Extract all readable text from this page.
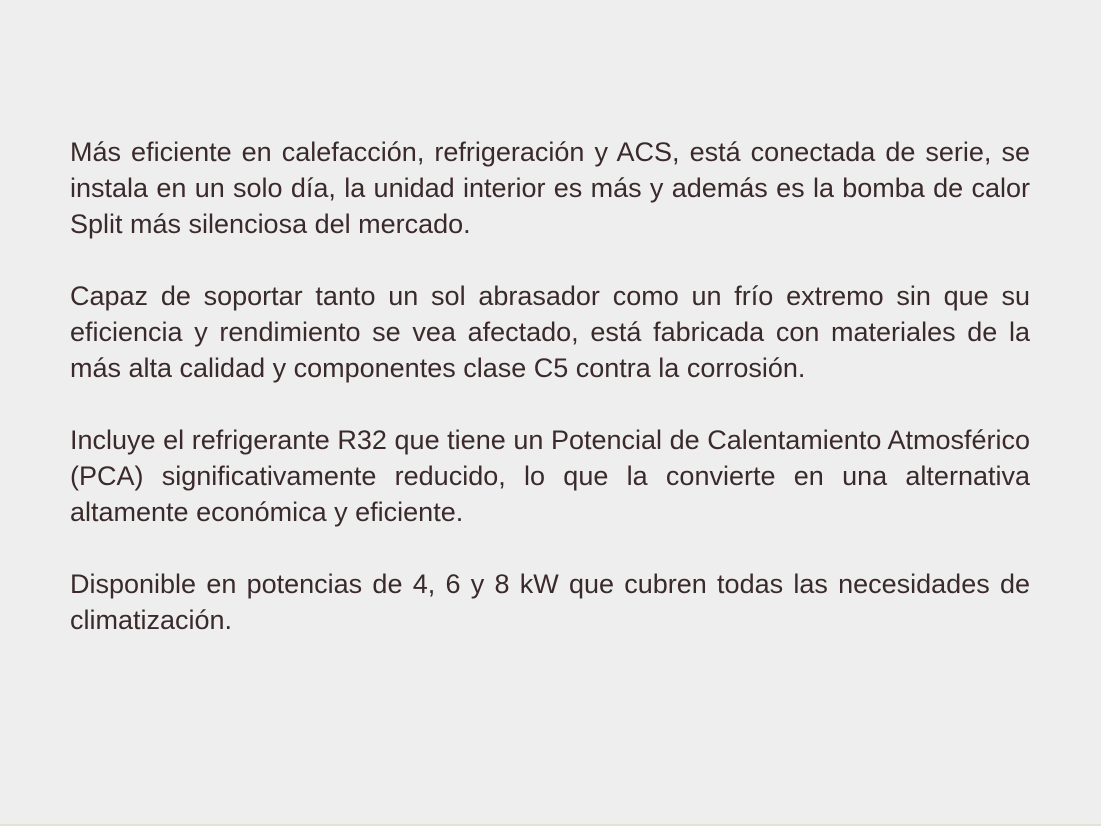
Más eficiente en calefacción, refrigeración y ACS, está conectada de serie, se instala en un solo día, la unidad interior es más y además es la bomba de calor Split más silenciosa del mercado.

Capaz de soportar tanto un sol abrasador como un frío extremo sin que su eficiencia y rendimiento se vea afectado, está fabricada con materiales de la más alta calidad y componentes clase C5 contra la corrosión.

Incluye el refrigerante R32 que tiene un Potencial de Calentamiento Atmosférico (PCA) significativamente reducido, lo que la convierte en una alternativa altamente económica y eficiente.

Disponible en potencias de 4, 6 y 8 kW que cubren todas las necesidades de climatización.
